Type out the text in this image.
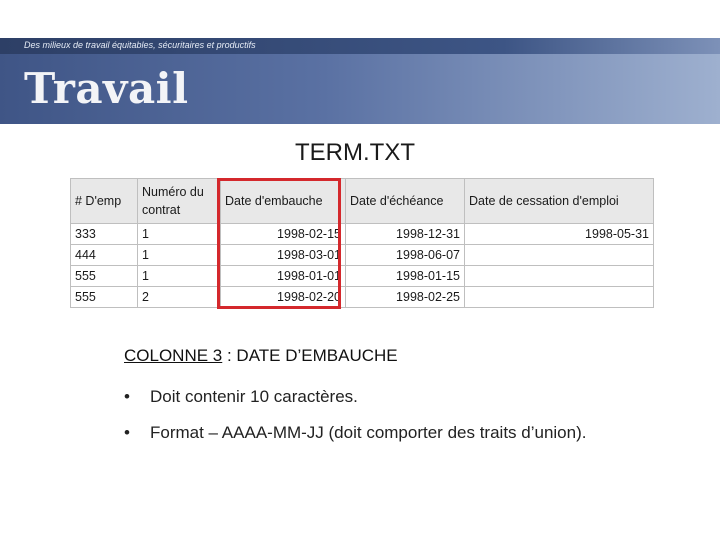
Des milieux de travail équitables, sécuritaires et productifs
Travail
TERM.TXT
# D'emp	Numéro du contrat	Date d'embauche	Date d'échéance	Date de cessation d'emploi
333	1	1998-02-15	1998-12-31	1998-05-31
444	1	1998-03-01	1998-06-07	
555	1	1998-01-01	1998-01-15	
555	2	1998-02-20	1998-02-25	
COLONNE 3 : DATE D’EMBAUCHE
•	Doit contenir 10 caractères.
•	Format – AAAA-MM-JJ (doit comporter des traits d’union).
